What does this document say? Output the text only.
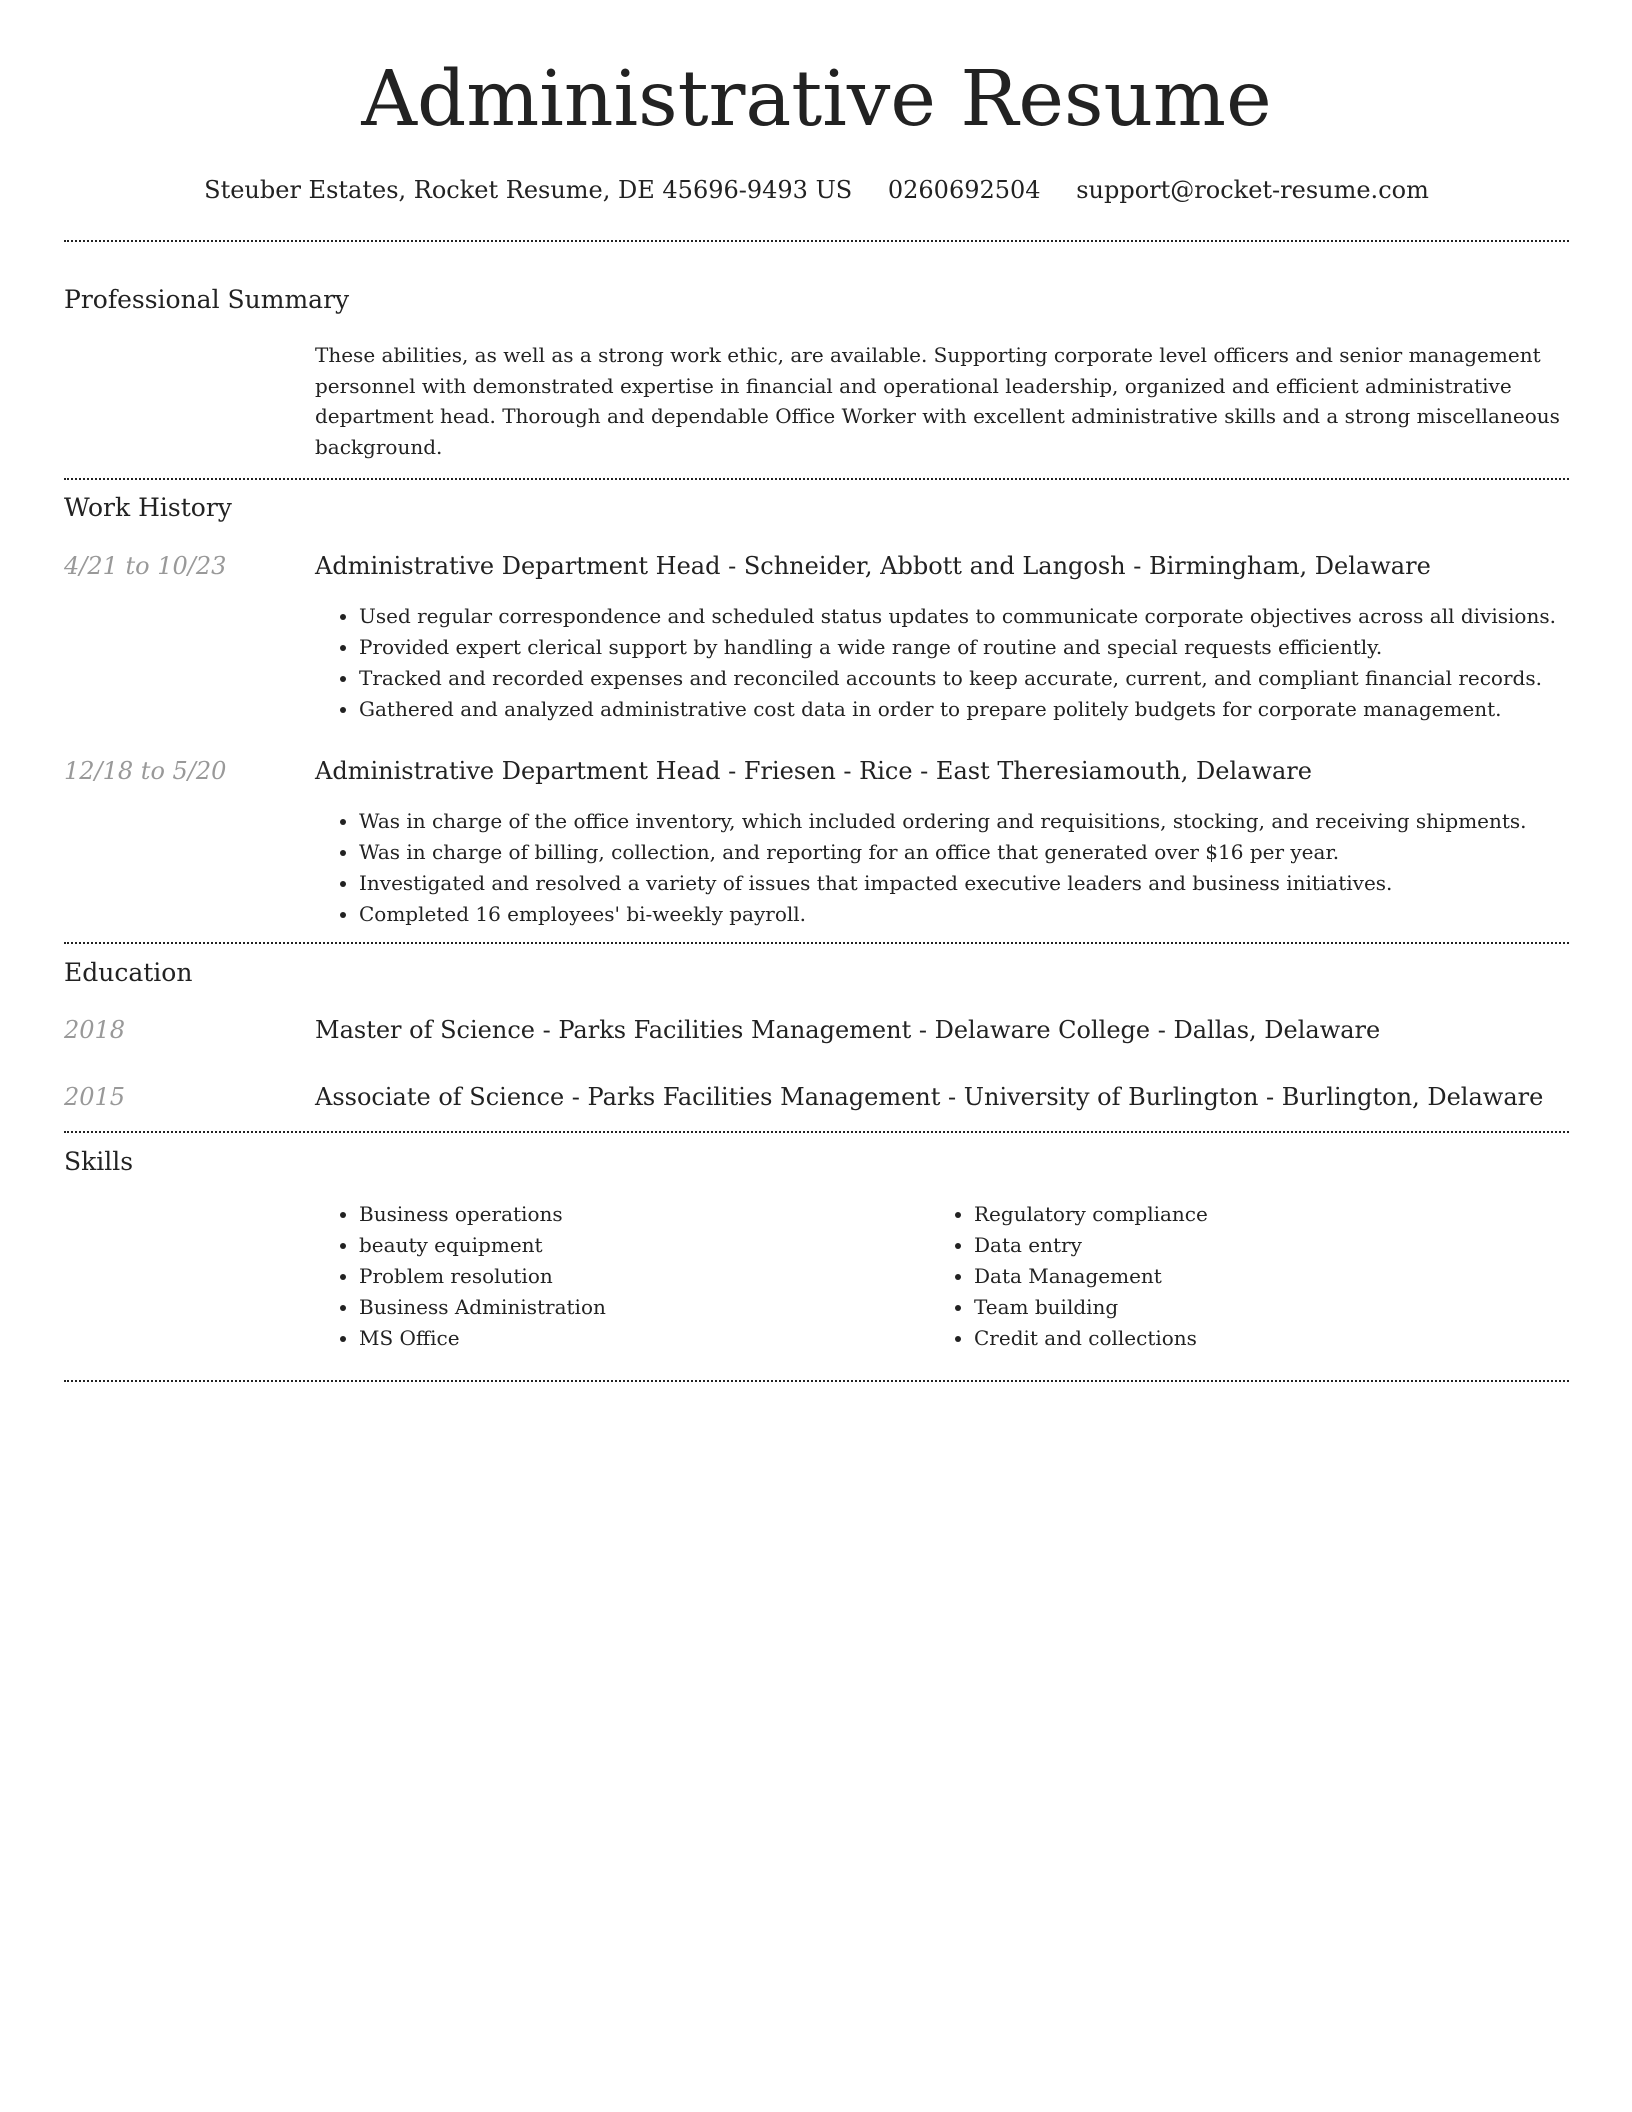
Administrative Resume
Steuber Estates, Rocket Resume, DE 45696-9493 US 0260692504 support@rocket-resume.com
Professional Summary

These abilities, as well as a strong work ethic, are available. Supporting corporate level officers and senior management personnel with demonstrated expertise in financial and operational leadership, organized and efficient administrative department head. Thorough and dependable Office Worker with excellent administrative skills and a strong miscellaneous background.

Work History
4/21 to 10/23	Administrative Department Head - Schneider, Abbott and Langosh - Birmingham, Delaware
• Used regular correspondence and scheduled status updates to communicate corporate objectives across all divisions.
• Provided expert clerical support by handling a wide range of routine and special requests efficiently.
• Tracked and recorded expenses and reconciled accounts to keep accurate, current, and compliant financial records.
• Gathered and analyzed administrative cost data in order to prepare politely budgets for corporate management.
12/18 to 5/20	Administrative Department Head - Friesen - Rice - East Theresiamouth, Delaware
• Was in charge of the office inventory, which included ordering and requisitions, stocking, and receiving shipments.
• Was in charge of billing, collection, and reporting for an office that generated over $16 per year.
• Investigated and resolved a variety of issues that impacted executive leaders and business initiatives.
• Completed 16 employees' bi-weekly payroll.
Education
2018	Master of Science - Parks Facilities Management - Delaware College - Dallas, Delaware
2015	Associate of Science - Parks Facilities Management - University of Burlington - Burlington, Delaware
Skills
• Business operations
• beauty equipment
• Problem resolution
• Business Administration
• MS Office
• Regulatory compliance
• Data entry
• Data Management
• Team building
• Credit and collections
